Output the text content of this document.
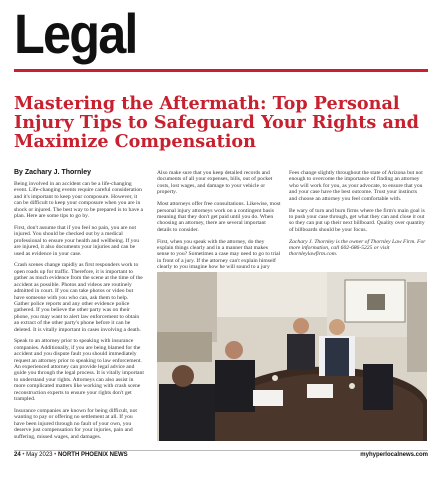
Legal
Mastering the Aftermath: Top Personal Injury Tips to Safeguard Your Rights and Maximize Compensation
By Zachary J. Thornley

Being involved in an accident can be a life-changing event. Life-changing events require careful consideration and it's important to keep your composure. However, it can be difficult to keep your composure when you are in shock or injured. The best way to be prepared is to have a plan. Here are some tips to go by.

First, don't assume that if you feel no pain, you are not injured. You should be checked out by a medical professional to ensure your health and wellbeing. If you are injured, it also documents your injuries and can be used as evidence in your case.

Crash scenes change rapidly as first responders work to open roads up for traffic. Therefore, it is important to gather as much evidence from the scene at the time of the accident as possible. Photos and videos are routinely admitted in court. If you can take photos or video but have someone with you who can, ask them to help. Gather police reports and any other evidence police gathered. If you believe the other party was on their phone, you may want to alert law enforcement to obtain an extract of the other party's phone before it can be deleted. It is vitally important in cases involving a death.

Speak to an attorney prior to speaking with insurance companies. Additionally, if you are being blamed for the accident and you dispute fault you should immediately request an attorney prior to speaking to law enforcement. An experienced attorney can provide legal advice and guide you through the legal process. It is vitally important to understand your rights. Attorneys can also assist in more complicated matters like working with crash scene reconstruction experts to ensure your rights don't get trampled.

Insurance companies are known for being difficult, not wanting to pay or offering no settlement at all. If you have been injured through no fault of your own, you deserve just compensation for your injuries, pain and suffering, missed wages, and damages.

Also make sure that you keep detailed records and documents of all your expenses, bills, out of pocket costs, lost wages, and damage to your vehicle or property.

Most attorneys offer free consultations. Likewise, most personal injury attorneys work on a contingent basis meaning that they don't get paid until you do. When choosing an attorney, there are several important details to consider.

First, when you speak with the attorney, do they explain things clearly and in a manner that makes sense to you? Sometimes a case may need to go to trial in front of a jury. If the attorney can't explain himself clearly to you imagine how he will sound to a jury

Fees change slightly throughout the state of Arizona but not enough to overcome the importance of finding an attorney who will work for you, as your advocate, to ensure that you and your case have the best outcome. Trust your instincts and choose an attorney you feel comfortable with.

Be wary of turn and burn firms where the firm's main goal is to push your case through, get what they can and close it out so they can put up their next billboard. Quality over quantity of billboards should be your focus.

Zachary J. Thornley is the owner of Thornley Law Firm. For more information, call 602-686-5225 or visit thornleylawfirm.com.

24 • May 2023 • NORTH PHOENIX NEWS	myhyperlocalnews.com
